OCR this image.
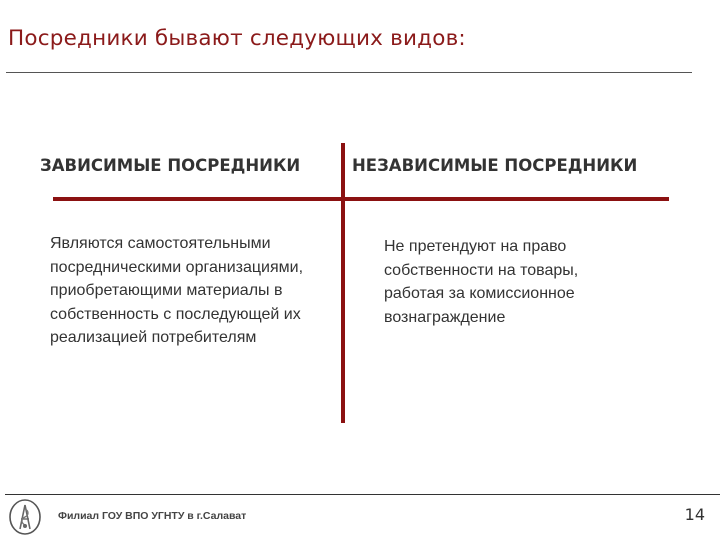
Посредники бывают следующих видов:
ЗАВИСИМЫЕ ПОСРЕДНИКИ	НЕЗАВИСИМЫЕ ПОСРЕДНИКИ

Являются самостоятельными посредническими организациями, приобретающими материалы в собственность с последующей их реализацией потребителям

Не претендуют на право собственности на товары, работая за комиссионное вознаграждение

Филиал ГОУ ВПО УГНТУ в г.Салават	14
